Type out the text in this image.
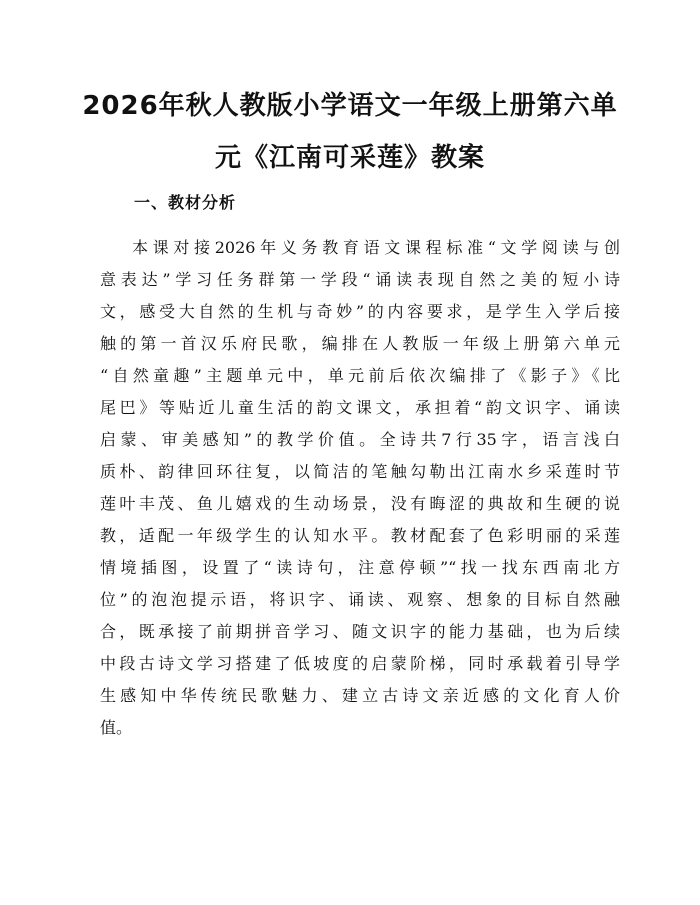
2026年秋人教版小学语文一年级上册第六单
元《江南可采莲》教案
一、教材分析
本课对接2026年义务教育语文课程标准“文学阅读与创
意表达”学习任务群第一学段“诵读表现自然之美的短小诗
文，感受大自然的生机与奇妙”的内容要求，是学生入学后接
触的第一首汉乐府民歌，编排在人教版一年级上册第六单元
“自然童趣”主题单元中，单元前后依次编排了《影子》《比
尾巴》等贴近儿童生活的韵文课文，承担着“韵文识字、诵读
启蒙、审美感知”的教学价值。全诗共7行35字，语言浅白
质朴、韵律回环往复，以简洁的笔触勾勒出江南水乡采莲时节
莲叶丰茂、鱼儿嬉戏的生动场景，没有晦涩的典故和生硬的说
教，适配一年级学生的认知水平。教材配套了色彩明丽的采莲
情境插图，设置了“读诗句，注意停顿”“找一找东西南北方
位”的泡泡提示语，将识字、诵读、观察、想象的目标自然融
合，既承接了前期拼音学习、随文识字的能力基础，也为后续
中段古诗文学习搭建了低坡度的启蒙阶梯，同时承载着引导学
生感知中华传统民歌魅力、建立古诗文亲近感的文化育人价
值。
